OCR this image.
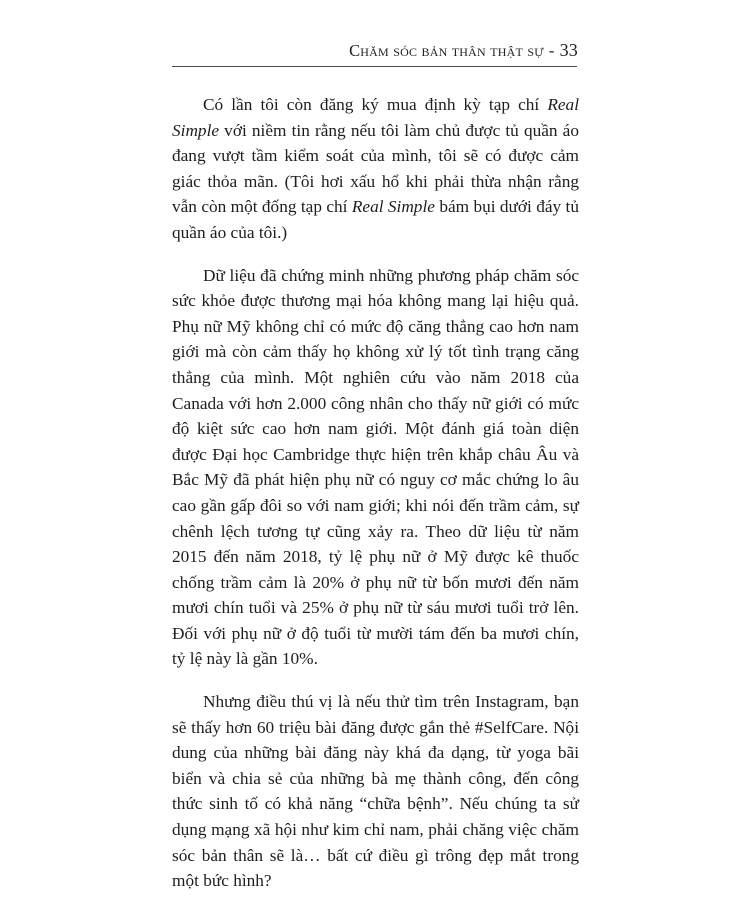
Chăm sóc bản thân thật sự - 33

Có lần tôi còn đăng ký mua định kỳ tạp chí Real Simple với niềm tin rằng nếu tôi làm chủ được tủ quần áo đang vượt tầm kiểm soát của mình, tôi sẽ có được cảm giác thỏa mãn. (Tôi hơi xấu hổ khi phải thừa nhận rằng vẫn còn một đống tạp chí Real Simple bám bụi dưới đáy tủ quần áo của tôi.)

Dữ liệu đã chứng minh những phương pháp chăm sóc sức khỏe được thương mại hóa không mang lại hiệu quả. Phụ nữ Mỹ không chỉ có mức độ căng thẳng cao hơn nam giới mà còn cảm thấy họ không xử lý tốt tình trạng căng thẳng của mình. Một nghiên cứu vào năm 2018 của Canada với hơn 2.000 công nhân cho thấy nữ giới có mức độ kiệt sức cao hơn nam giới. Một đánh giá toàn diện được Đại học Cambridge thực hiện trên khắp châu Âu và Bắc Mỹ đã phát hiện phụ nữ có nguy cơ mắc chứng lo âu cao gần gấp đôi so với nam giới; khi nói đến trầm cảm, sự chênh lệch tương tự cũng xảy ra. Theo dữ liệu từ năm 2015 đến năm 2018, tỷ lệ phụ nữ ở Mỹ được kê thuốc chống trầm cảm là 20% ở phụ nữ từ bốn mươi đến năm mươi chín tuổi và 25% ở phụ nữ từ sáu mươi tuổi trở lên. Đối với phụ nữ ở độ tuổi từ mười tám đến ba mươi chín, tỷ lệ này là gần 10%.

Nhưng điều thú vị là nếu thử tìm trên Instagram, bạn sẽ thấy hơn 60 triệu bài đăng được gắn thẻ #SelfCare. Nội dung của những bài đăng này khá đa dạng, từ yoga bãi biển và chia sẻ của những bà mẹ thành công, đến công thức sinh tố có khả năng “chữa bệnh”. Nếu chúng ta sử dụng mạng xã hội như kim chỉ nam, phải chăng việc chăm sóc bản thân sẽ là… bất cứ điều gì trông đẹp mắt trong một bức hình?
